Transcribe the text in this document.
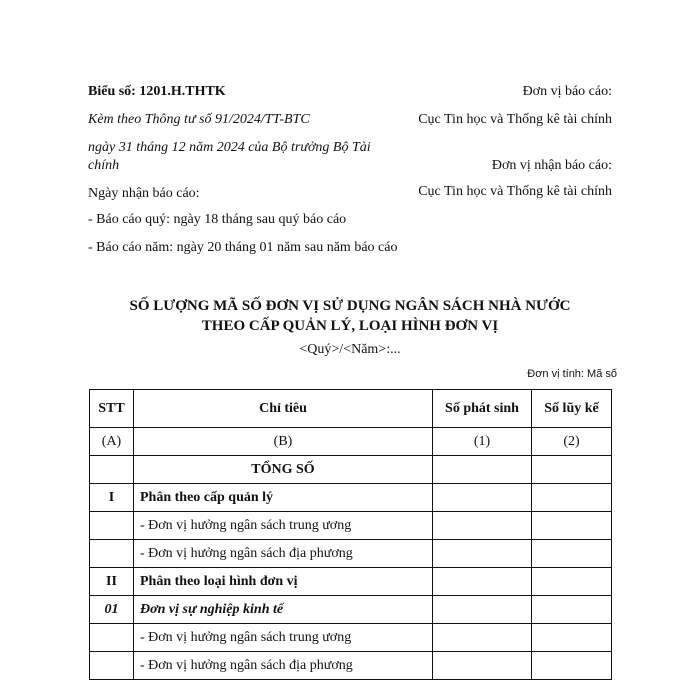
Biểu số: 1201.H.THTK
Kèm theo Thông tư số 91/2024/TT-BTC
ngày 31 tháng 12 năm 2024 của Bộ trưởng Bộ Tài chính
Ngày nhận báo cáo:
- Báo cáo quý: ngày 18 tháng sau quý báo cáo
- Báo cáo năm: ngày 20 tháng 01 năm sau năm báo cáo
Đơn vị báo cáo:
Cục Tin học và Thống kê tài chính
Đơn vị nhận báo cáo:
Cục Tin học và Thống kê tài chính
SỐ LƯỢNG MÃ SỐ ĐƠN VỊ SỬ DỤNG NGÂN SÁCH NHÀ NƯỚC
THEO CẤP QUẢN LÝ, LOẠI HÌNH ĐƠN VỊ
<Quý>/<Năm>:...
Đơn vị tính: Mã số
STT	Chỉ tiêu	Số phát sinh	Số lũy kế
(A)	(B)	(1)	(2)
	TỔNG SỐ		
I	Phân theo cấp quản lý		
	- Đơn vị hưởng ngân sách trung ương		
	- Đơn vị hưởng ngân sách địa phương		
II	Phân theo loại hình đơn vị		
01	Đơn vị sự nghiệp kinh tế		
	- Đơn vị hưởng ngân sách trung ương		
	- Đơn vị hưởng ngân sách địa phương		
